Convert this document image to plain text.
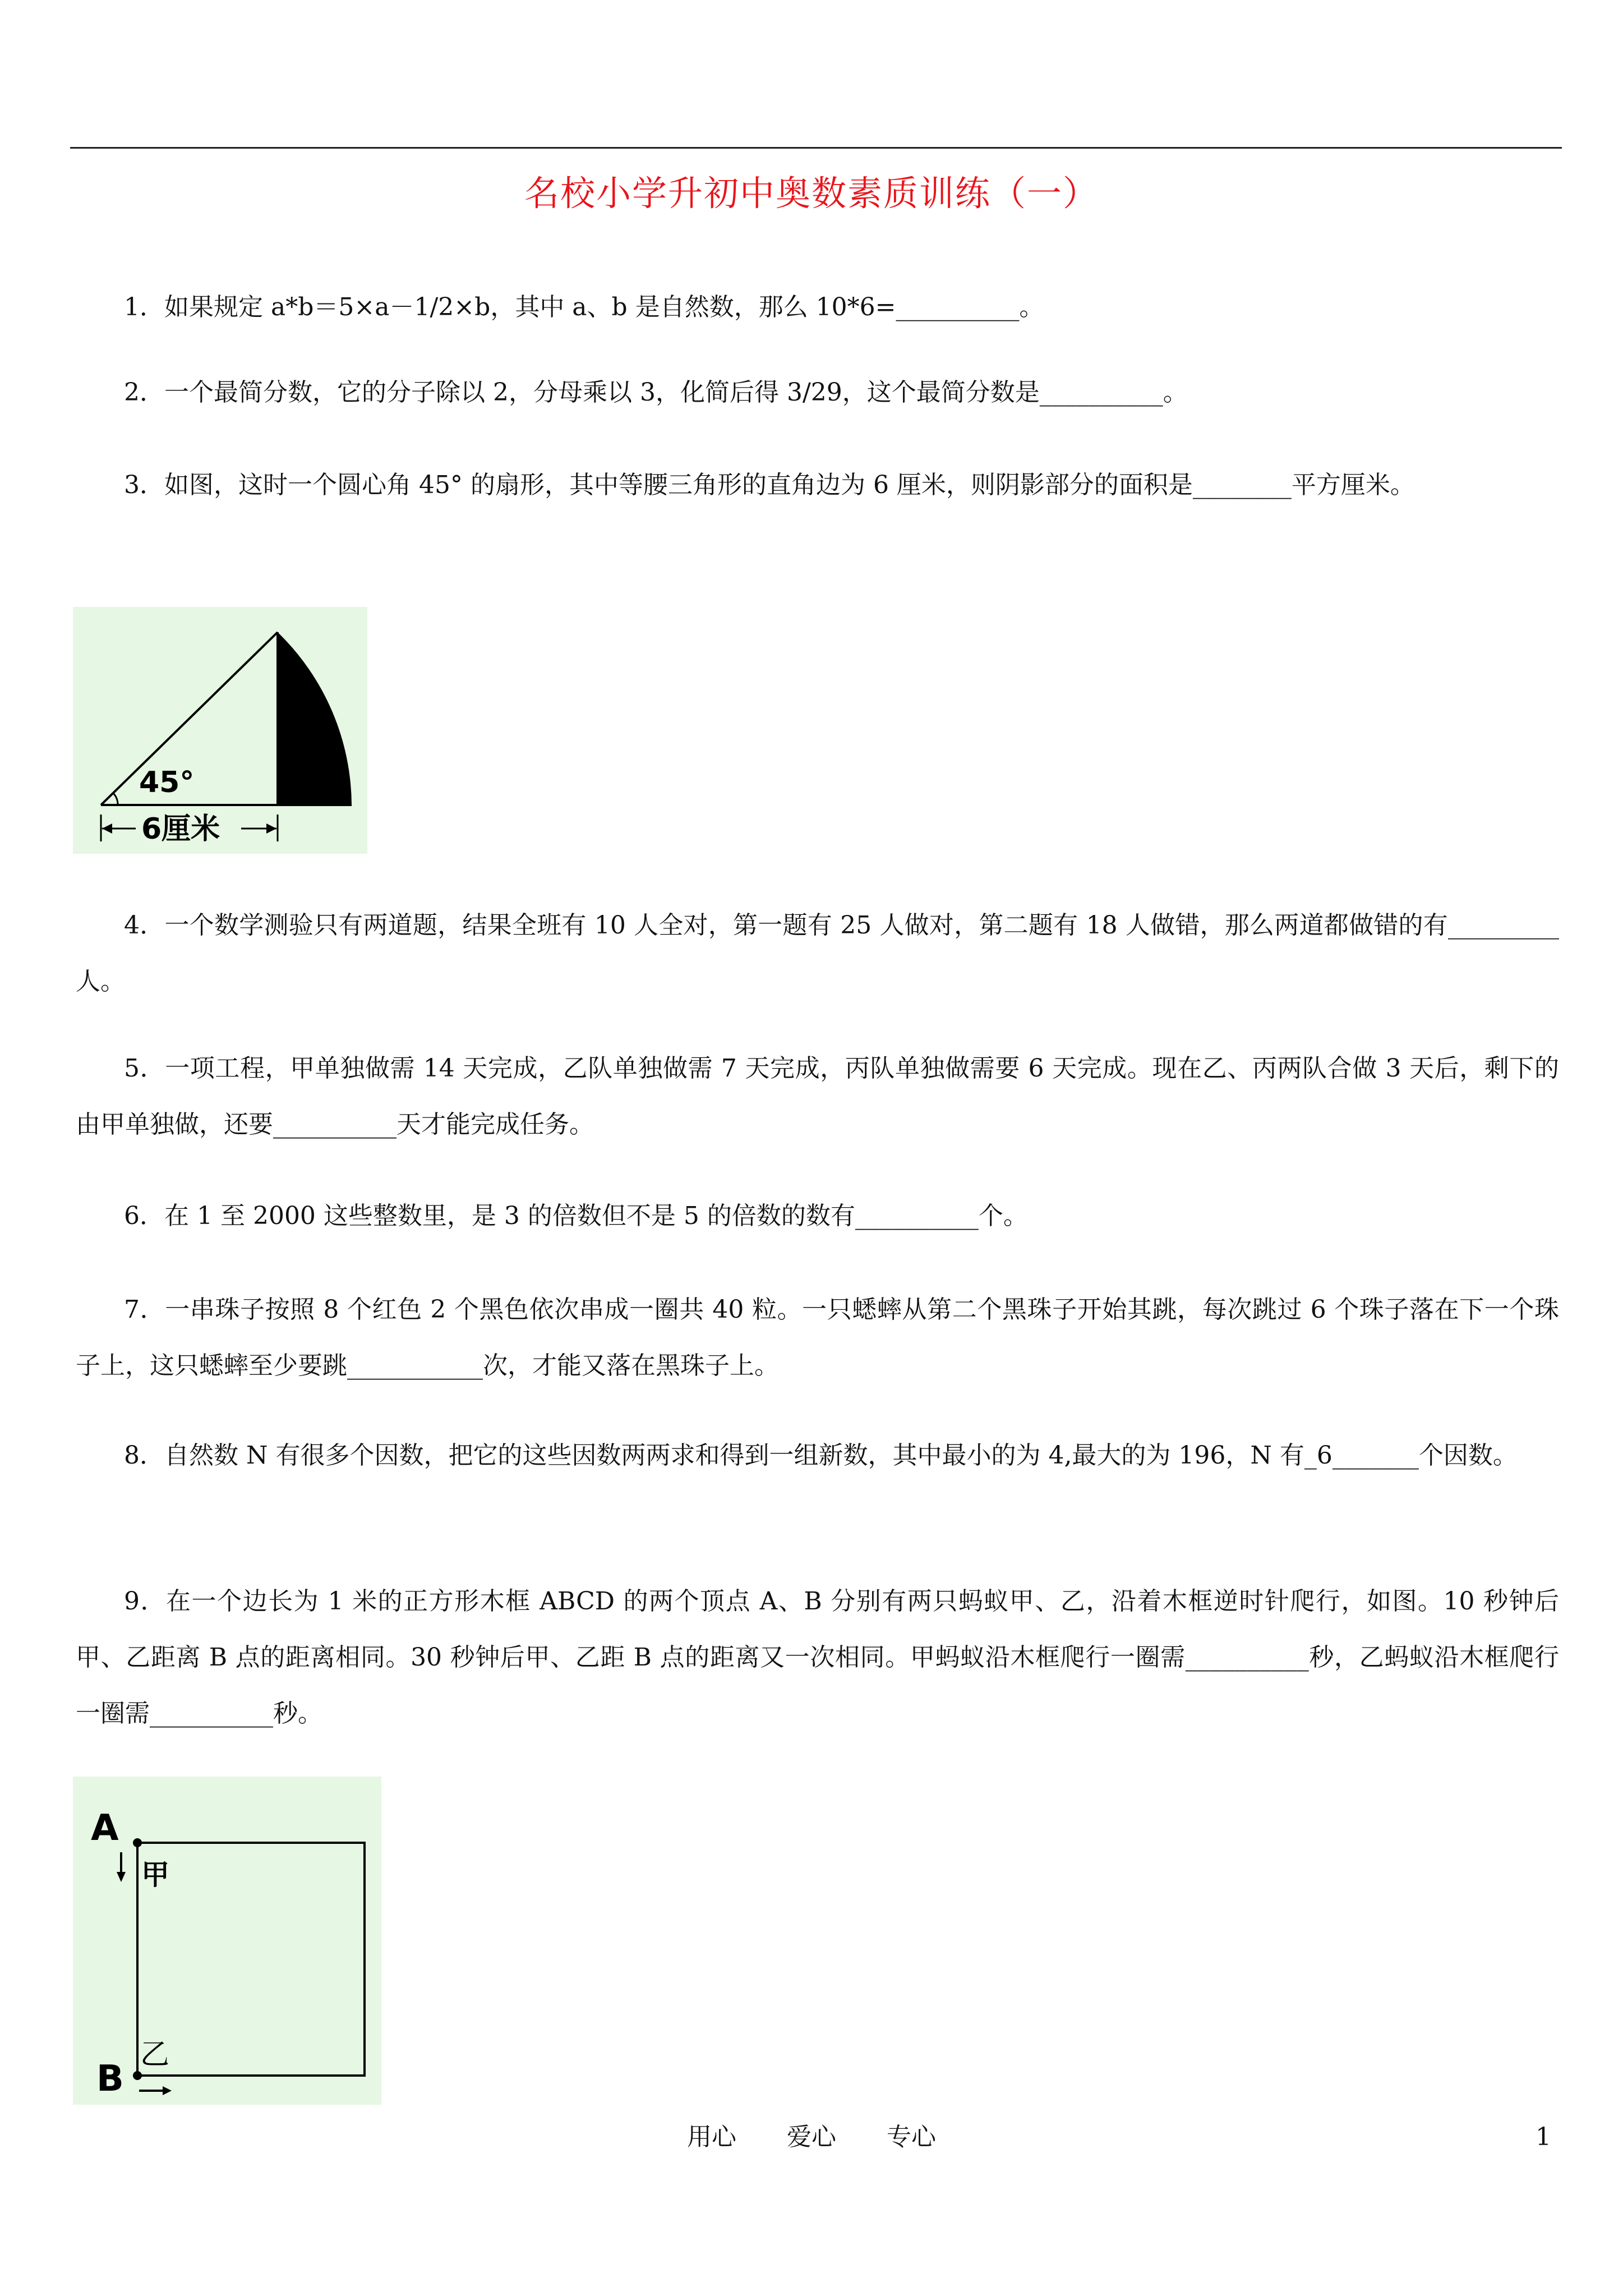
名校小学升初中奥数素质训练（一）
1．如果规定 a*b＝5×a－1/2×b，其中 a、b 是自然数，那么 10*6=__________。
2．一个最简分数，它的分子除以 2，分母乘以 3，化简后得 3/29，这个最简分数是__________。
3．如图，这时一个圆心角 45° 的扇形，其中等腰三角形的直角边为 6 厘米，则阴影部分的面积是________平方厘米。
45°
6厘米
4．一个数学测验只有两道题，结果全班有 10 人全对，第一题有 25 人做对，第二题有 18 人做错，那么两道都做错的有_________人。
5．一项工程，甲单独做需 14 天完成，乙队单独做需 7 天完成，丙队单独做需要 6 天完成。现在乙、丙两队合做 3 天后，剩下的由甲单独做，还要__________天才能完成任务。
6．在 1 至 2000 这些整数里，是 3 的倍数但不是 5 的倍数的数有__________个。
7．一串珠子按照 8 个红色 2 个黑色依次串成一圈共 40 粒。一只蟋蟀从第二个黑珠子开始其跳，每次跳过 6 个珠子落在下一个珠子上，这只蟋蟀至少要跳___________次，才能又落在黑珠子上。
8．自然数 N 有很多个因数，把它的这些因数两两求和得到一组新数，其中最小的为 4,最大的为 196，N 有_6_______个因数。
9．在一个边长为 1 米的正方形木框 ABCD 的两个顶点 A、B 分别有两只蚂蚁甲、乙，沿着木框逆时针爬行，如图。10 秒钟后甲、乙距离 B 点的距离相同。30 秒钟后甲、乙距 B 点的距离又一次相同。甲蚂蚁沿木框爬行一圈需__________秒，乙蚂蚁沿木框爬行一圈需__________秒。
A
B
甲
乙
用心 爱心 专心	1
